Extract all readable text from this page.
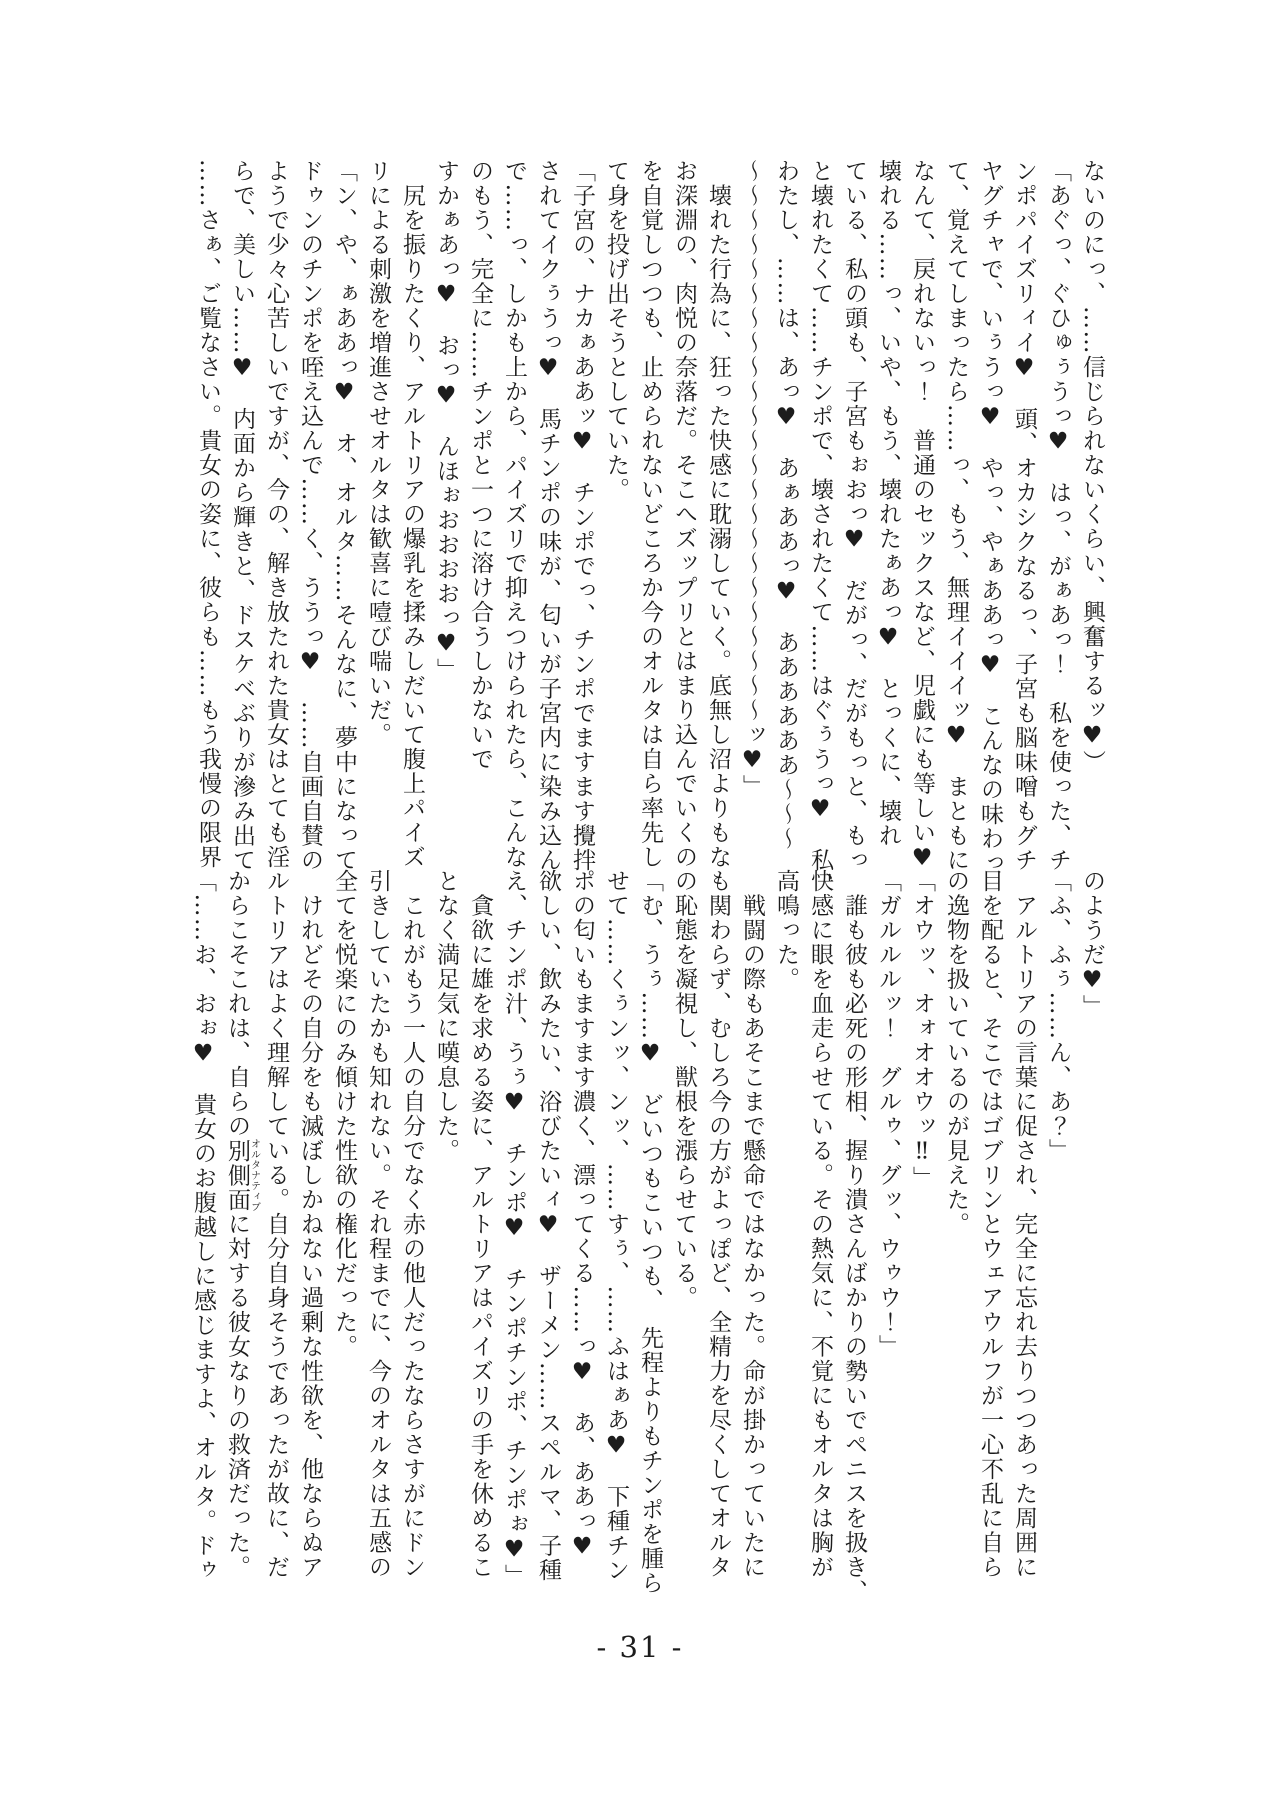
ないのにっ、……信じられないくらい、興奮するッ♥）

「あぐっ、ぐひゅぅうっ♥　はっ、がぁあっ！　私を使った、チ

ンポパイズリィイ♥　頭、オカシクなるっ、子宮も脳味噌もグチ

ヤグチャで、いぅうっ♥　やっ、やぁああっ♥　こんなの味わっ

て、覚えてしまったら……っ、もう、無理イイイッ♥　まともに

なんて、戻れないっ！　普通のセックスなど、児戯にも等しい♥

壊れる……っ、いや、もう、壊れたぁあっ♥　とっくに、壊れ

ている、私の頭も、子宮もぉおっ♥　だがっ、だがもっと、もっ

と壊れたくて……チンポで、壊されたくて……はぐぅうっ♥　私、

わたし、……は、あっ♥　あぁああっ♥　ああああああ〜〜〜

〜〜〜〜〜〜〜〜〜〜〜〜〜〜〜〜〜〜〜〜〜〜〜ッ♥」

　壊れた行為に、狂った快感に耽溺していく。底無し沼よりもな

お深淵の、肉悦の奈落だ。そこへズップリとはまり込んでいくの

を自覚しつつも、止められないどころか今のオルタは自ら率先し

て身を投げ出そうとしていた。

「子宮の、ナカぁああッ♥　チンポでっ、チンポでますます攪拌

されてイクぅうっ♥　馬チンポの味が、匂いが子宮内に染み込ん

で……っ、しかも上から、パイズリで抑えつけられたら、こんな

のもう、完全に……チンポと一つに溶け合うしかないで

すかぁあっ♥　おっ♥　んほぉおおおおっ♥」

　尻を振りたくり、アルトリアの爆乳を揉みしだいて腹上パイズ

リによる刺激を増進させオルタは歓喜に噎び喘いだ。

「ン、や、ぁああっ♥　オ、オルタ……そんなに、夢中になって

ドゥンのチンポを咥え込んで……く、ううっ♥　……自画自賛の

ようで少々心苦しいですが、今の、解き放たれた貴女はとても淫

らで、美しい……♥　内面から輝きと、ドスケベぶりが滲み出て

……さぁ、ご覧なさい。貴女の姿に、彼らも……もう我慢の限界

のようだ♥」

「ふ、ふぅ……ん、あ？」

　アルトリアの言葉に促され、完全に忘れ去りつつあった周囲に

目を配ると、そこではゴブリンとウェアウルフが一心不乱に自ら

の逸物を扱いているのが見えた。

「オウッ、オォオオウッ‼」

「ガルルルッ！　グルゥ、グッ、ウゥウ！」

　誰も彼も必死の形相、握り潰さんばかりの勢いでペニスを扱き、

快感に眼を血走らせている。その熱気に、不覚にもオルタは胸が

高鳴った。

　戦闘の際もあそこまで懸命ではなかった。命が掛かっていたに

も関わらず、むしろ今の方がよっぽど、全精力を尽くしてオルタ

の恥態を凝視し、獣根を漲らせている。

「む、うぅ……♥　どいつもこいつも、　先程よりもチンポを腫ら

せて……くぅンッ、ンッ、……すぅ、……ふはぁあ♥　下種チン

ポの匂いもますます濃く、漂ってくる……っ♥　あ、ああっ♥

欲しい、飲みたい、浴びたいィ♥　ザーメン……スペルマ、子種

え、チンポ汁、うぅ♥　チンポ♥　チンポチンポ、チンポぉ♥」

　貪欲に雄を求める姿に、アルトリアはパイズリの手を休めるこ

となく満足気に嘆息した。

　これがもう一人の自分でなく赤の他人だったならさすがにドン

引きしていたかも知れない。それ程までに、今のオルタは五感の

全てを悦楽にのみ傾けた性欲の権化だった。

　けれどその自分をも滅ぼしかねない過剰な性欲を、他ならぬア

ルトリアはよく理解している。自分自身そうであったが故に、だ

からこそこれは、自らの別側面オルタナティブに対する彼女なりの救済だった。

「……お、おぉ♥　貴女のお腹越しに感じますよ、オルタ。ドゥ

- 31 -
